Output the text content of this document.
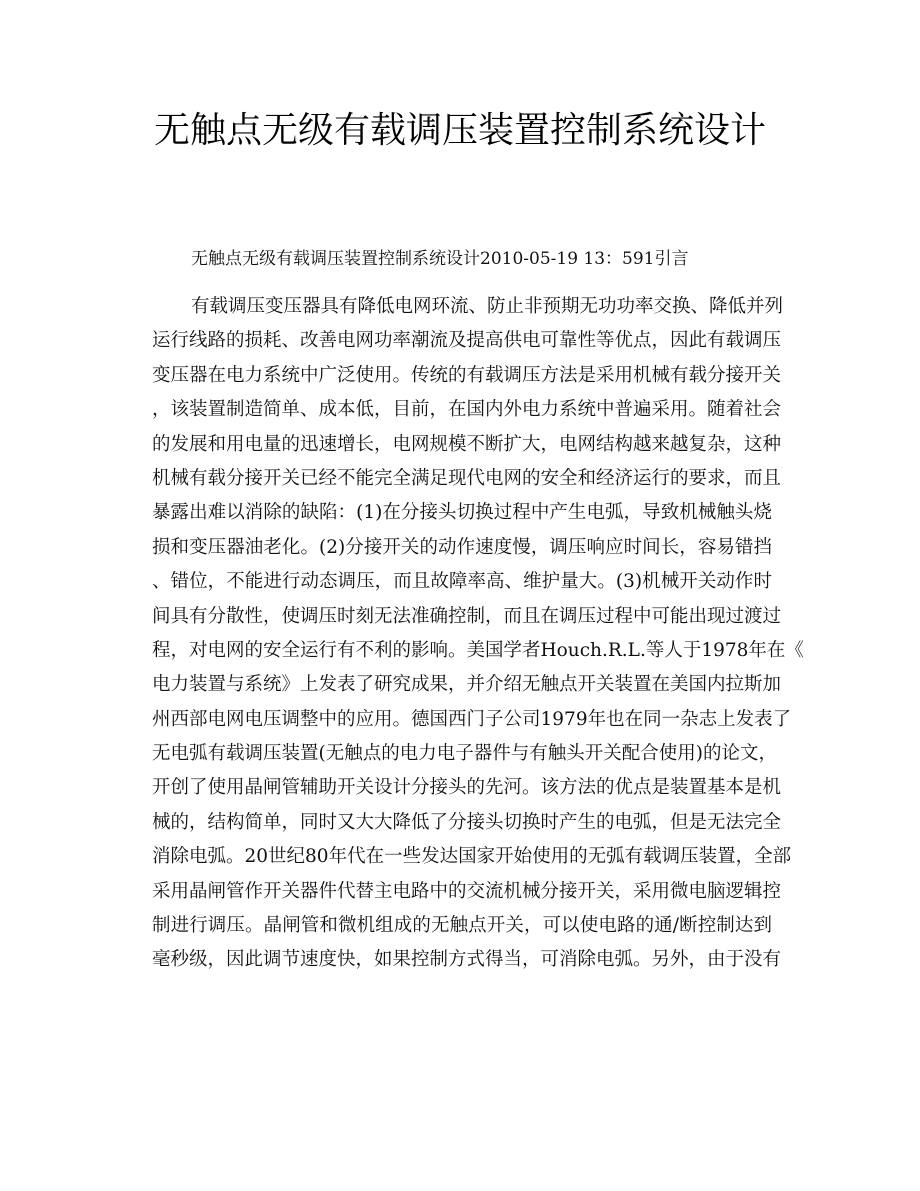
无触点无级有载调压装置控制系统设计
无触点无级有载调压装置控制系统设计2010-05-19 13：591引言
有载调压变压器具有降低电网环流、防止非预期无功功率交换、降低并列
运行线路的损耗、改善电网功率潮流及提高供电可靠性等优点，因此有载调压
变压器在电力系统中广泛使用。传统的有载调压方法是采用机械有载分接开关
，该装置制造简单、成本低，目前，在国内外电力系统中普遍采用。随着社会
的发展和用电量的迅速增长，电网规模不断扩大，电网结构越来越复杂，这种
机械有载分接开关已经不能完全满足现代电网的安全和经济运行的要求，而且
暴露出难以消除的缺陷：(1)在分接头切换过程中产生电弧，导致机械触头烧
损和变压器油老化。(2)分接开关的动作速度慢，调压响应时间长，容易错挡
、错位，不能进行动态调压，而且故障率高、维护量大。(3)机械开关动作时
间具有分散性，使调压时刻无法准确控制，而且在调压过程中可能出现过渡过
程，对电网的安全运行有不利的影响。美国学者Houch.R.L.等人于1978年在《
电力装置与系统》上发表了研究成果，并介绍无触点开关装置在美国内拉斯加
州西部电网电压调整中的应用。德国西门子公司1979年也在同一杂志上发表了
无电弧有载调压装置(无触点的电力电子器件与有触头开关配合使用)的论文，
开创了使用晶闸管辅助开关设计分接头的先河。该方法的优点是装置基本是机
械的，结构简单，同时又大大降低了分接头切换时产生的电弧，但是无法完全
消除电弧。20世纪80年代在一些发达国家开始使用的无弧有载调压装置，全部
采用晶闸管作开关器件代替主电路中的交流机械分接开关，采用微电脑逻辑控
制进行调压。晶闸管和微机组成的无触点开关，可以使电路的通/断控制达到
毫秒级，因此调节速度快，如果控制方式得当，可消除电弧。另外，由于没有
